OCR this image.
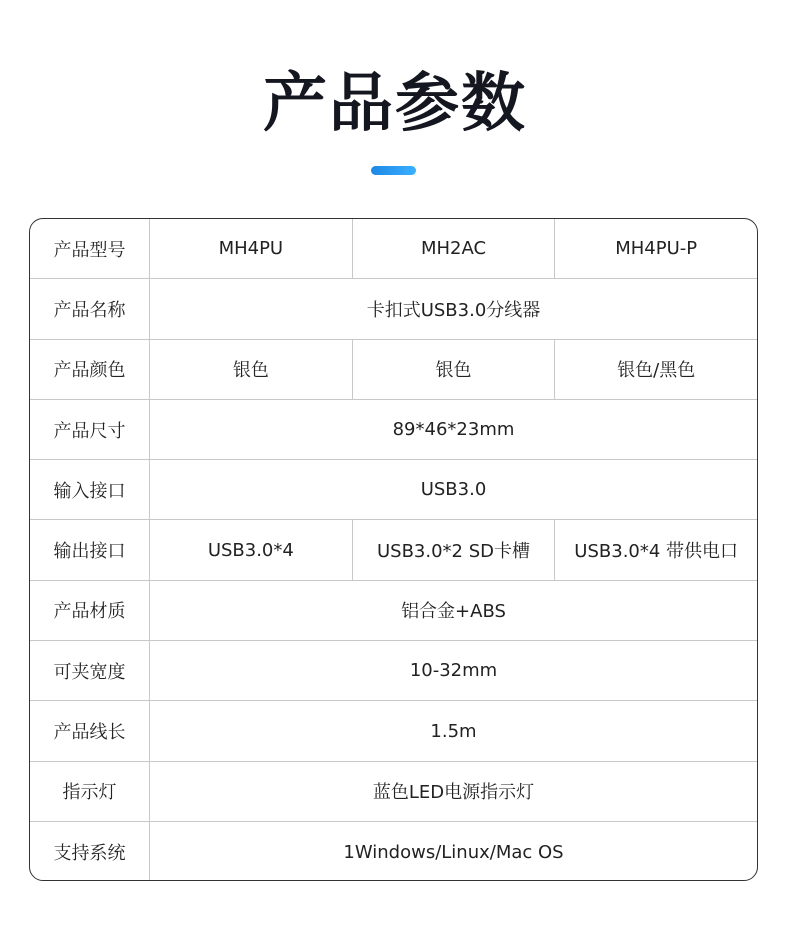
产品参数
产品型号	MH4PU	MH2AC	MH4PU-P
产品名称	卡扣式USB3.0分线器
产品颜色	银色	银色	银色/黑色
产品尺寸	89*46*23mm
输入接口	USB3.0
输出接口	USB3.0*4	USB3.0*2 SD卡槽	USB3.0*4 带供电口
产品材质	铝合金+ABS
可夹宽度	10-32mm
产品线长	1.5m
指示灯	蓝色LED电源指示灯
支持系统	1Windows/Linux/Mac OS
